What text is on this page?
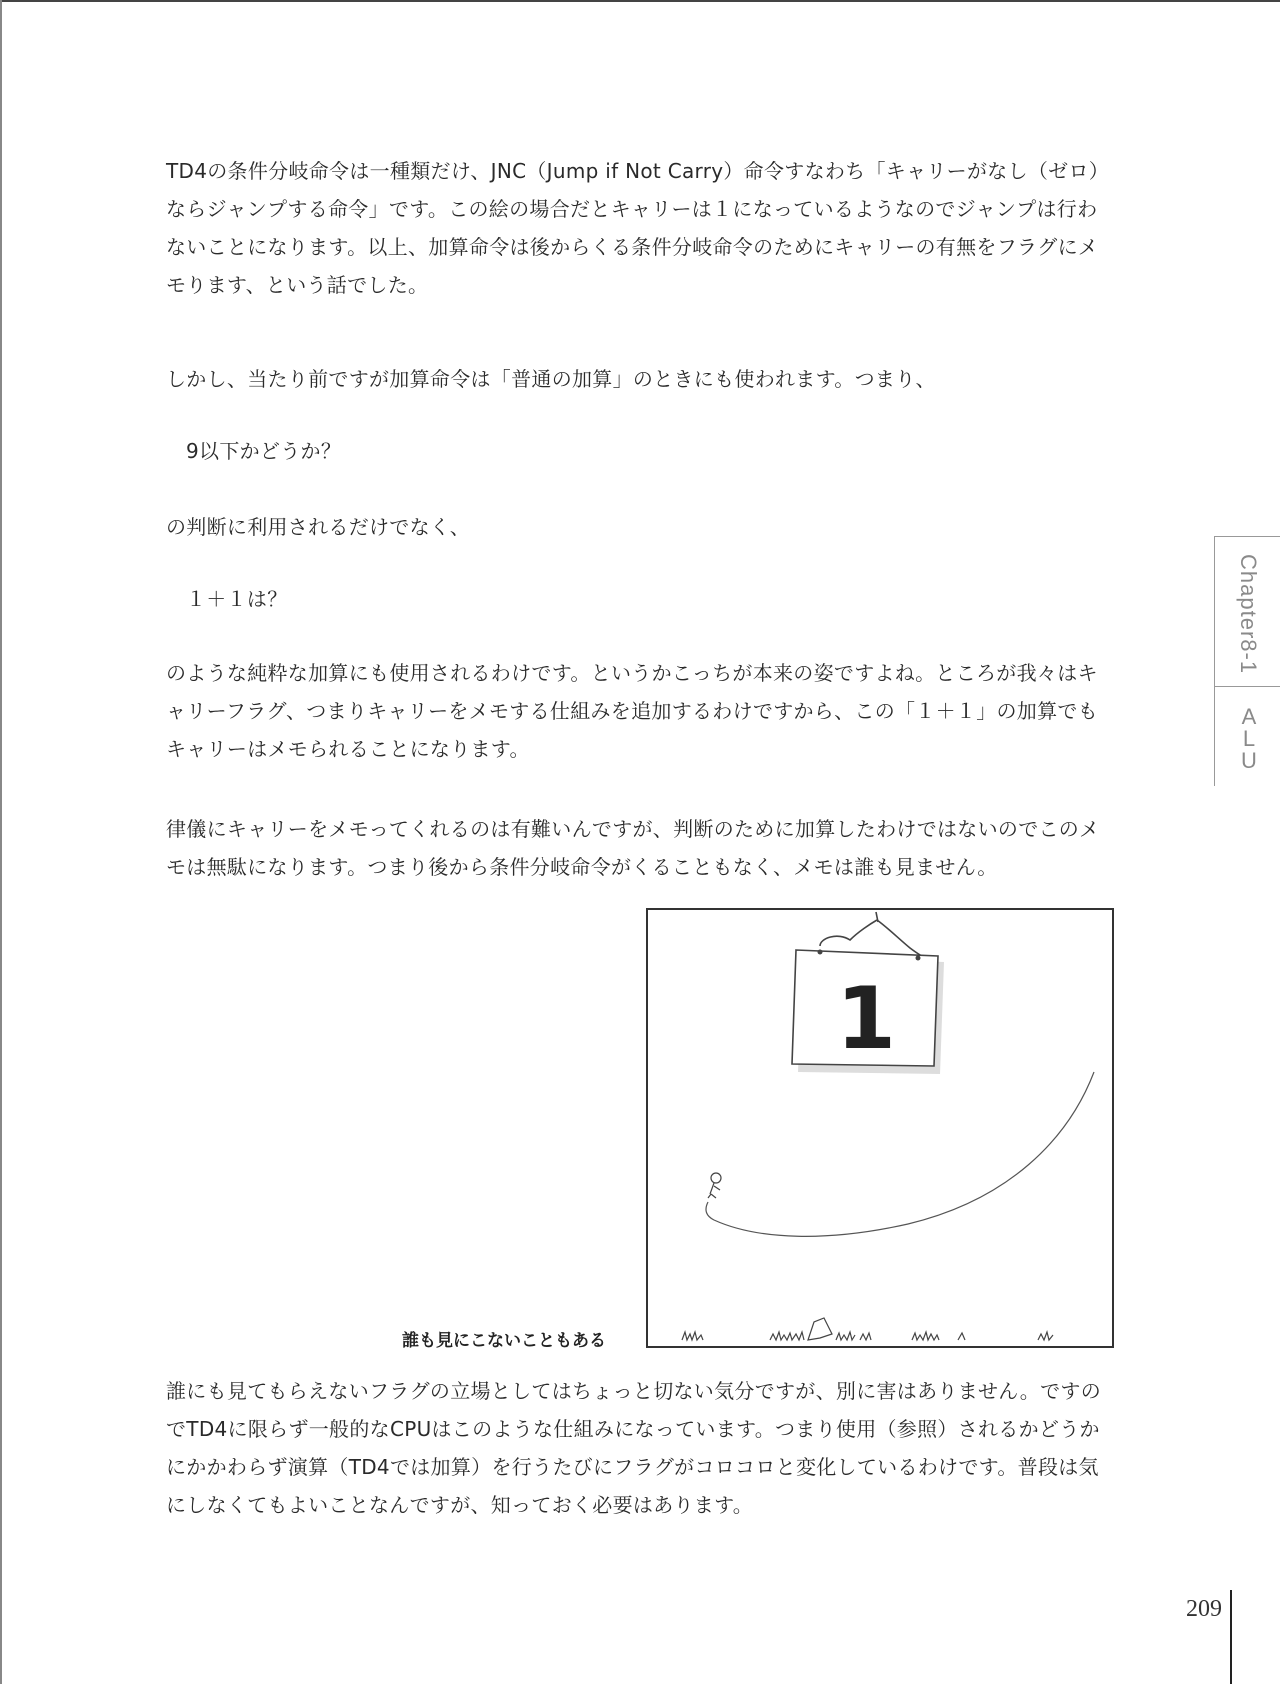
TD4の条件分岐命令は一種類だけ、JNC（Jump if Not Carry）命令すなわち「キャリーがなし（ゼロ）ならジャンプする命令」です。この絵の場合だとキャリーは１になっているようなのでジャンプは行わないことになります。以上、加算命令は後からくる条件分岐命令のためにキャリーの有無をフラグにメモります、という話でした。

しかし、当たり前ですが加算命令は「普通の加算」のときにも使われます。つまり、

9以下かどうか？

の判断に利用されるだけでなく、

１＋１は？

のような純粋な加算にも使用されるわけです。というかこっちが本来の姿ですよね。ところが我々はキャリーフラグ、つまりキャリーをメモする仕組みを追加するわけですから、この「１＋１」の加算でもキャリーはメモられることになります。

律儀にキャリーをメモってくれるのは有難いんですが、判断のために加算したわけではないのでこのメモは無駄になります。つまり後から条件分岐命令がくることもなく、メモは誰も見ません。

1
誰も見にこないこともある

誰にも見てもらえないフラグの立場としてはちょっと切ない気分ですが、別に害はありません。ですのでTD4に限らず一般的なCPUはこのような仕組みになっています。つまり使用（参照）されるかどうかにかかわらず演算（TD4では加算）を行うたびにフラグがコロコロと変化しているわけです。普段は気にしなくてもよいことなんですが、知っておく必要はあります。

Chapter8-1
A
L
U
209
